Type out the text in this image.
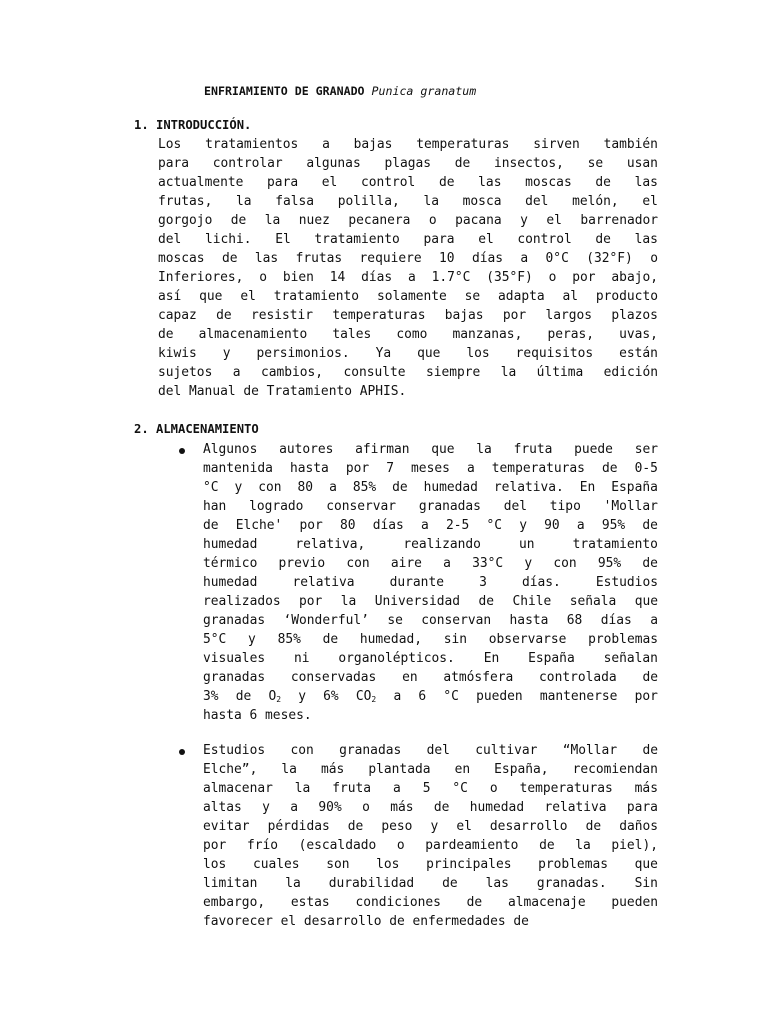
ENFRIAMIENTO DE GRANADO Punica granatum
1. INTRODUCCIÓN.
Los tratamientos a bajas temperaturas sirven también
para controlar algunas plagas de insectos, se usan
actualmente para el control de las moscas de las
frutas, la falsa polilla, la mosca del melón, el
gorgojo de la nuez pecanera o pacana y el barrenador
del lichi. El tratamiento para el control de las
moscas de las frutas requiere 10 días a 0°C (32°F) o
Inferiores, o bien 14 días a 1.7°C (35°F) o por abajo,
así que el tratamiento solamente se adapta al producto
capaz de resistir temperaturas bajas por largos plazos
de almacenamiento tales como manzanas, peras, uvas,
kiwis y persimonios. Ya que los requisitos están
sujetos a cambios, consulte siempre la última edición
del Manual de Tratamiento APHIS.
2. ALMACENAMIENTO
Algunos autores afirman que la fruta puede ser
mantenida hasta por 7 meses a temperaturas de 0-5
°C y con 80 a 85% de humedad relativa. En España
han logrado conservar granadas del tipo 'Mollar
de Elche' por 80 días a 2-5 °C y 90 a 95% de
humedad	relativa,	realizando	un	tratamiento
térmico previo con aire a 33°C y con 95% de
humedad	relativa	durante	3	días.	Estudios
realizados por la Universidad de Chile señala que
granadas ‘Wonderful’ se conservan hasta 68 días a
5°C y 85% de humedad, sin observarse problemas
visuales ni organolépticos. En España señalan
granadas conservadas en atmósfera controlada de
3% de $O_2$ y 6% $CO_2$ a 6 °C pueden mantenerse por
hasta 6 meses.
Estudios con granadas del cultivar “Mollar de
Elche”, la más plantada en España, recomiendan
almacenar la fruta a 5 °C o temperaturas más
altas y a 90% o más de humedad relativa para
evitar pérdidas de peso y el desarrollo de daños
por frío (escaldado o pardeamiento de la piel),
los cuales son los principales problemas que
limitan la durabilidad de las granadas. Sin
embargo, estas condiciones de almacenaje pueden
favorecer el desarrollo de enfermedades de
